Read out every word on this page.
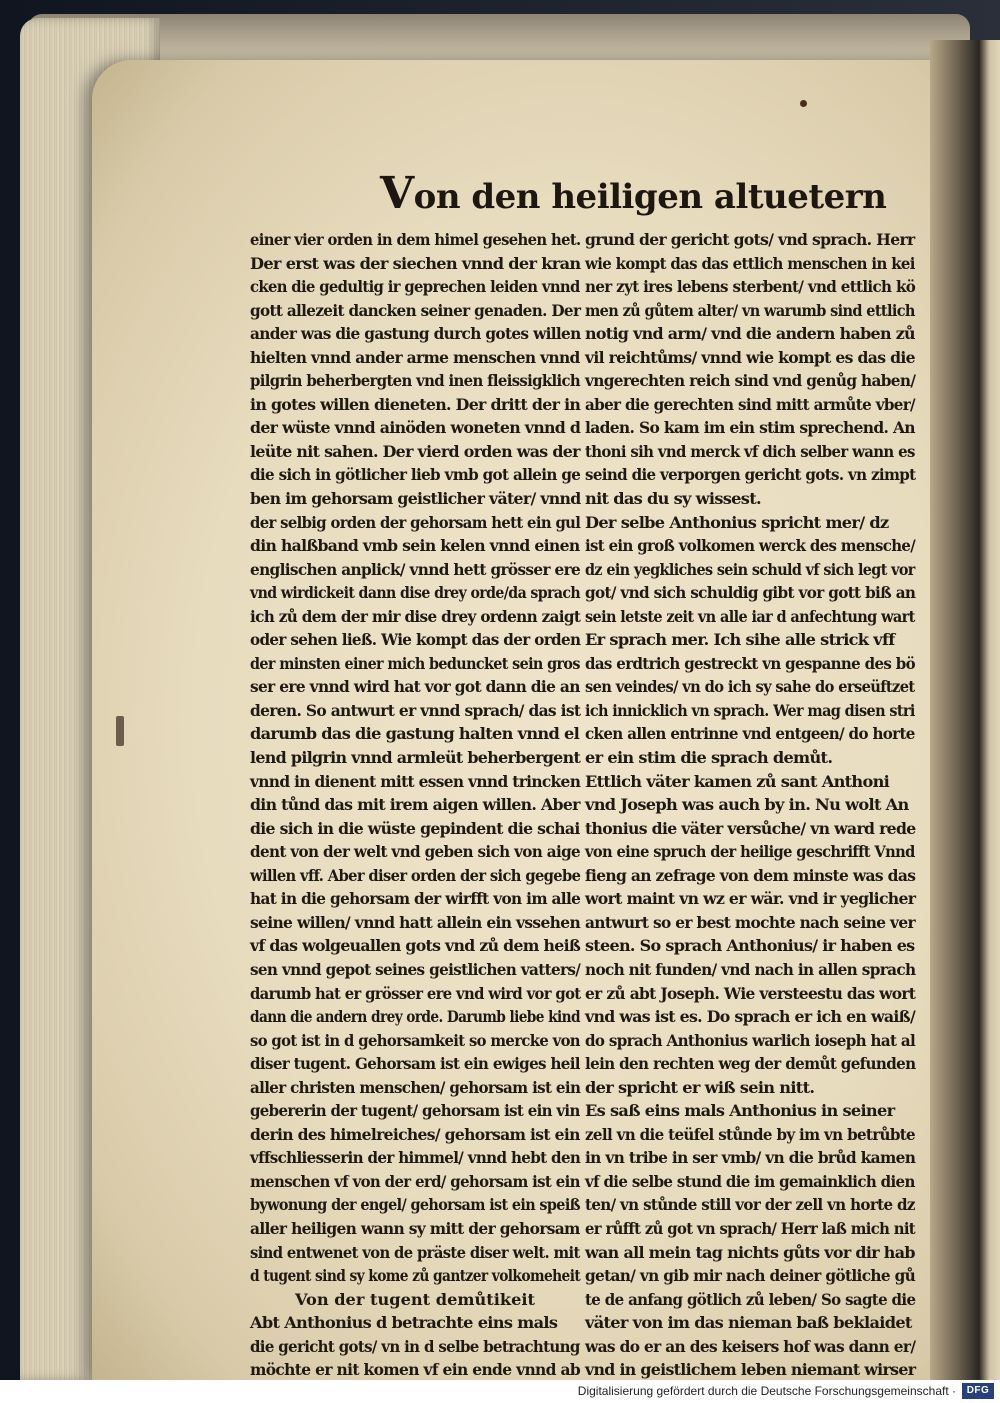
Von den heiligen altuetern
einer vier orden in dem himel gesehen het.
Der erst was der siechen vnnd der kran
cken die gedultig ir geprechen leiden vnnd
gott allezeit dancken seiner genaden. Der
ander was die gastung durch gotes willen
hielten vnnd ander arme menschen vnnd
pilgrin beherbergten vnd inen fleissigklich
in gotes willen dieneten. Der dritt der in
der wüste vnnd ainöden woneten vnnd d
leüte nit sahen. Der vierd orden was der
die sich in götlicher lieb vmb got allein ge
ben im gehorsam geistlicher väter/ vnnd
der selbig orden der gehorsam hett ein gul
din halßband vmb sein kelen vnnd einen
englischen anplick/ vnnd hett grösser ere
vnd wirdickeit dann dise drey orde/da sprach
ich zů dem der mir dise drey ordenn zaigt
oder sehen ließ. Wie kompt das der orden
der minsten einer mich beduncket sein gros
ser ere vnnd wird hat vor got dann die an
deren. So antwurt er vnnd sprach/ das ist
darumb das die gastung halten vnnd el
lend pilgrin vnnd armleüt beherbergent
vnnd in dienent mitt essen vnnd trincken
din tůnd das mit irem aigen willen. Aber
die sich in die wüste gepindent die schai
dent von der welt vnd geben sich von aige
willen vff. Aber diser orden der sich gegebe
hat in die gehorsam der wirfft von im alle
seine willen/ vnnd hatt allein ein vssehen
vf das wolgeuallen gots vnd zů dem heiß
sen vnnd gepot seines geistlichen vatters/
darumb hat er grösser ere vnd wird vor got
dann die andern drey orde. Darumb liebe kind
so got ist in d gehorsamkeit so mercke von
diser tugent. Gehorsam ist ein ewiges heil
aller christen menschen/ gehorsam ist ein
gebererin der tugent/ gehorsam ist ein vin
derin des himelreiches/ gehorsam ist ein
vffschliesserin der himmel/ vnnd hebt den
menschen vf von der erd/ gehorsam ist ein
bywonung der engel/ gehorsam ist ein speiß
aller heiligen wann sy mitt der gehorsam
sind entwenet von de präste diser welt. mit
d tugent sind sy kome zů gantzer volkomeheit
Von der tugent demůtikeit
Abt Anthonius d betrachte eins mals
die gericht gots/ vn in d selbe betrachtung
möchte er nit komen vf ein ende vnnd ab
grund der gericht gots/ vnd sprach. Herr
wie kompt das das ettlich menschen in kei
ner zyt ires lebens sterbent/ vnd ettlich kö
men zů gůtem alter/ vn warumb sind ettlich
notig vnd arm/ vnd die andern haben zů
vil reichtůms/ vnnd wie kompt es das die
vngerechten reich sind vnd genůg haben/
aber die gerechten sind mitt armůte vber/
laden. So kam im ein stim sprechend. An
thoni sih vnd merck vf dich selber wann es
seind die verporgen gericht gots. vn zimpt
nit das du sy wissest.
Der selbe Anthonius spricht mer/ dz
ist ein groß volkomen werck des mensche/
dz ein yegkliches sein schuld vf sich legt vor
got/ vnd sich schuldig gibt vor gott biß an
sein letste zeit vn alle iar d anfechtung wart
Er sprach mer. Ich sihe alle strick vff
das erdtrich gestreckt vn gespanne des bö
sen veindes/ vn do ich sy sahe do erseüftzet
ich innicklich vn sprach. Wer mag disen stri
cken allen entrinne vnd entgeen/ do horte
er ein stim die sprach demůt.
Ettlich väter kamen zů sant Anthoni
vnd Joseph was auch by in. Nu wolt An
thonius die väter versůche/ vn ward rede
von eine spruch der heilige geschrifft Vnnd
fieng an zefrage von dem minste was das
wort maint vn wz er wär. vnd ir yeglicher
antwurt so er best mochte nach seine ver
steen. So sprach Anthonius/ ir haben es
noch nit funden/ vnd nach in allen sprach
er zů abt Joseph. Wie versteestu das wort
vnd was ist es. Do sprach er ich en waiß/
do sprach Anthonius warlich ioseph hat al
lein den rechten weg der demůt gefunden
der spricht er wiß sein nitt.
Es saß eins mals Anthonius in seiner
zell vn die teüfel stůnde by im vn betrůbte
in vn tribe in ser vmb/ vn die brůd kamen
vf die selbe stund die im gemainklich dien
ten/ vn stůnde still vor der zell vn horte dz
er růfft zů got vn sprach/ Herr laß mich nit
wan all mein tag nichts gůts vor dir hab
getan/ vn gib mir nach deiner götliche gů
te de anfang götlich zů leben/ So sagte die
väter von im das nieman baß beklaidet
was do er an des keisers hof was dann er/
vnd in geistlichem leben niemant wirser
Digitalisierung gefördert durch die Deutsche Forschungsgemeinschaft ·	DFG
